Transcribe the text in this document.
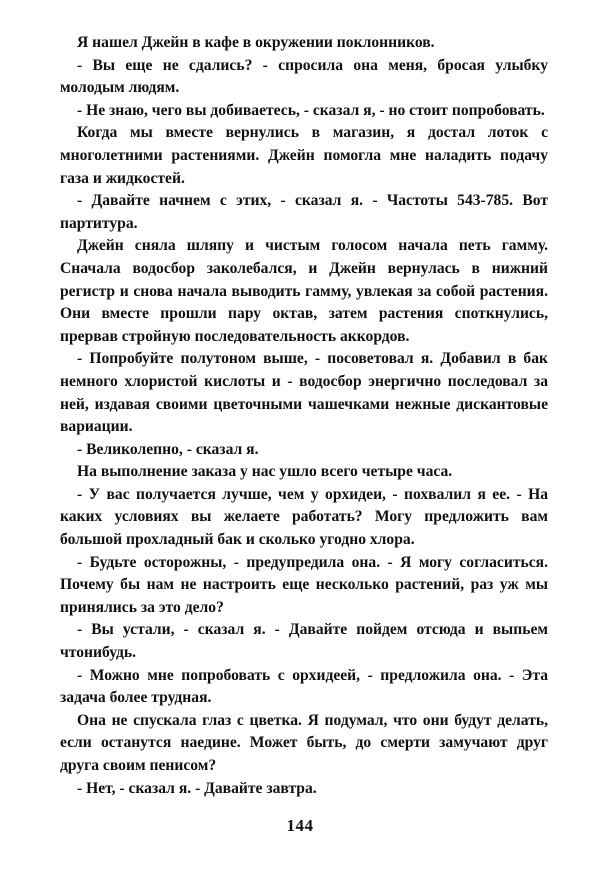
Я нашел Джейн в кафе в окружении поклонников.

- Вы еще не сдались? - спросила она меня, бросая улыбку молодым людям.

- Не знаю, чего вы добиваетесь, - сказал я, - но стоит попробовать.

Когда мы вместе вернулись в магазин, я достал лоток с многолетними растениями. Джейн помогла мне наладить подачу газа и жидкостей.

- Давайте начнем с этих, - сказал я. - Частоты 543-785. Вот партитура.

Джейн сняла шляпу и чистым голосом начала петь гамму. Сначала водосбор заколебался, и Джейн вернулась в нижний регистр и снова начала выводить гамму, увлекая за собой растения. Они вместе прошли пару октав, затем растения споткнулись, прервав стройную последовательность аккордов.

- Попробуйте полутоном выше, - посоветовал я. Добавил в бак немного хлористой кислоты и - водосбор энергично последовал за ней, издавая своими цветочными чашечками нежные дискантовые вариации.

- Великолепно, - сказал я.

На выполнение заказа у нас ушло всего четыре часа.

- У вас получается лучше, чем у орхидеи, - похвалил я ее. - На каких условиях вы желаете работать? Могу предложить вам большой прохладный бак и сколько угодно хлора.

- Будьте осторожны, - предупредила она. - Я могу согласиться. Почему бы нам не настроить еще несколько растений, раз уж мы принялись за это дело?

- Вы устали, - сказал я. - Давайте пойдем отсюда и выпьем чтонибудь.

- Можно мне попробовать с орхидеей, - предложила она. - Эта задача более трудная.

Она не спускала глаз с цветка. Я подумал, что они будут делать, если останутся наедине. Может быть, до смерти замучают друг друга своим пенисом?

- Нет, - сказал я. - Давайте завтра.

144
